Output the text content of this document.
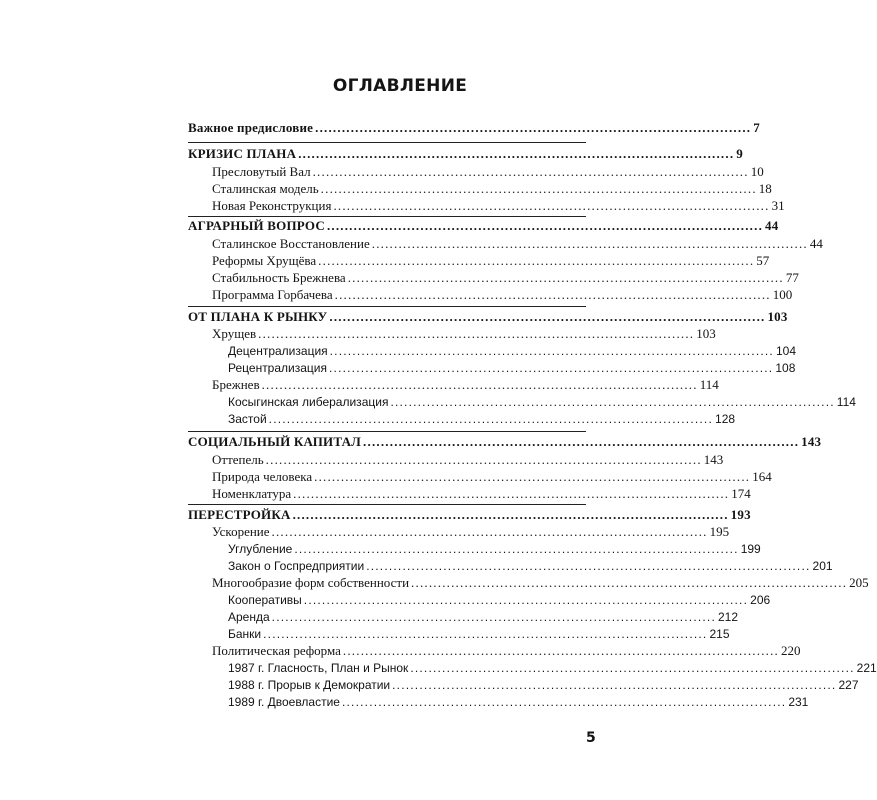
ОГЛАВЛЕНИЕ
Важное предисловие .................................................................................................. 7
КРИЗИС ПЛАНА .................................................................................................. 9
Пресловутый Вал .................................................................................................. 10
Сталинская модель .................................................................................................. 18
Новая Реконструкция .................................................................................................. 31
АГРАРНЫЙ ВОПРОС .................................................................................................. 44
Сталинское Восстановление .................................................................................................. 44
Реформы Хрущёва .................................................................................................. 57
Стабильность Брежнева .................................................................................................. 77
Программа Горбачева .................................................................................................. 100
ОТ ПЛАНА К РЫНКУ .................................................................................................. 103
Хрущев .................................................................................................. 103
Децентрализация .................................................................................................. 104
Рецентрализация .................................................................................................. 108
Брежнев .................................................................................................. 114
Косыгинская либерализация .................................................................................................. 114
Застой .................................................................................................. 128
СОЦИАЛЬНЫЙ КАПИТАЛ .................................................................................................. 143
Оттепель .................................................................................................. 143
Природа человека .................................................................................................. 164
Номенклатура .................................................................................................. 174
ПЕРЕСТРОЙКА .................................................................................................. 193
Ускорение .................................................................................................. 195
Углубление .................................................................................................. 199
Закон о Госпредприятии .................................................................................................. 201
Многообразие форм собственности .................................................................................................. 205
Кооперативы .................................................................................................. 206
Аренда .................................................................................................. 212
Банки .................................................................................................. 215
Политическая реформа .................................................................................................. 220
1987 г. Гласность, План и Рынок .................................................................................................. 221
1988 г. Прорыв к Демократии .................................................................................................. 227
1989 г. Двоевластие .................................................................................................. 231
5
